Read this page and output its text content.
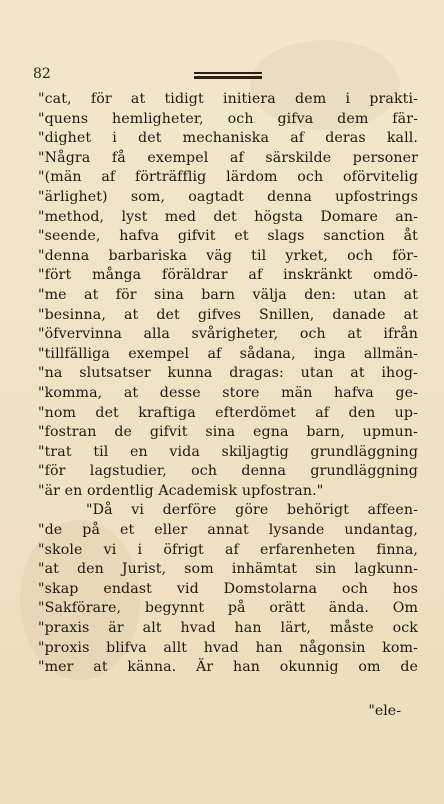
82
"cat, för at tidigt initiera dem i prakti-
"quens hemligheter, och gifva dem fär-
"dighet i det mechaniska af deras kall.
"Några få exempel af särskilde personer
"(män af förträfflig lärdom och oförvitelig
"ärlighet) som, oagtadt denna upfostrings
"method, lyst med det högsta Domare an-
"seende, hafva gifvit et slags sanction åt
"denna barbariska väg til yrket, och för-
"fört många föräldrar af inskränkt omdö-
"me at för sina barn välja den: utan at
"besinna, at det gifves Snillen, danade at
"öfvervinna alla svårigheter, och at ifrån
"tillfälliga exempel af sådana, inga allmän-
"na slutsatser kunna dragas: utan at ihog-
"komma, at desse store män hafva ge-
"nom det kraftiga efterdömet af den up-
"fostran de gifvit sina egna barn, upmun-
"trat til en vida skiljagtig grundläggning
"för lagstudier, och denna grundläggning
"är en ordentlig Academisk upfostran."
"Då vi derföre göre behörigt affeen-
"de på et eller annat lysande undantag,
"skole vi i öfrigt af erfarenheten finna,
"at den Jurist, som inhämtat sin lagkunn-
"skap endast vid Domstolarna och hos
"Sakförare, begynnt på orätt ända. Om
"praxis är alt hvad han lärt, måste ock
"proxis blifva allt hvad han någonsin kom-
"mer at känna. Är han okunnig om de
"ele-
